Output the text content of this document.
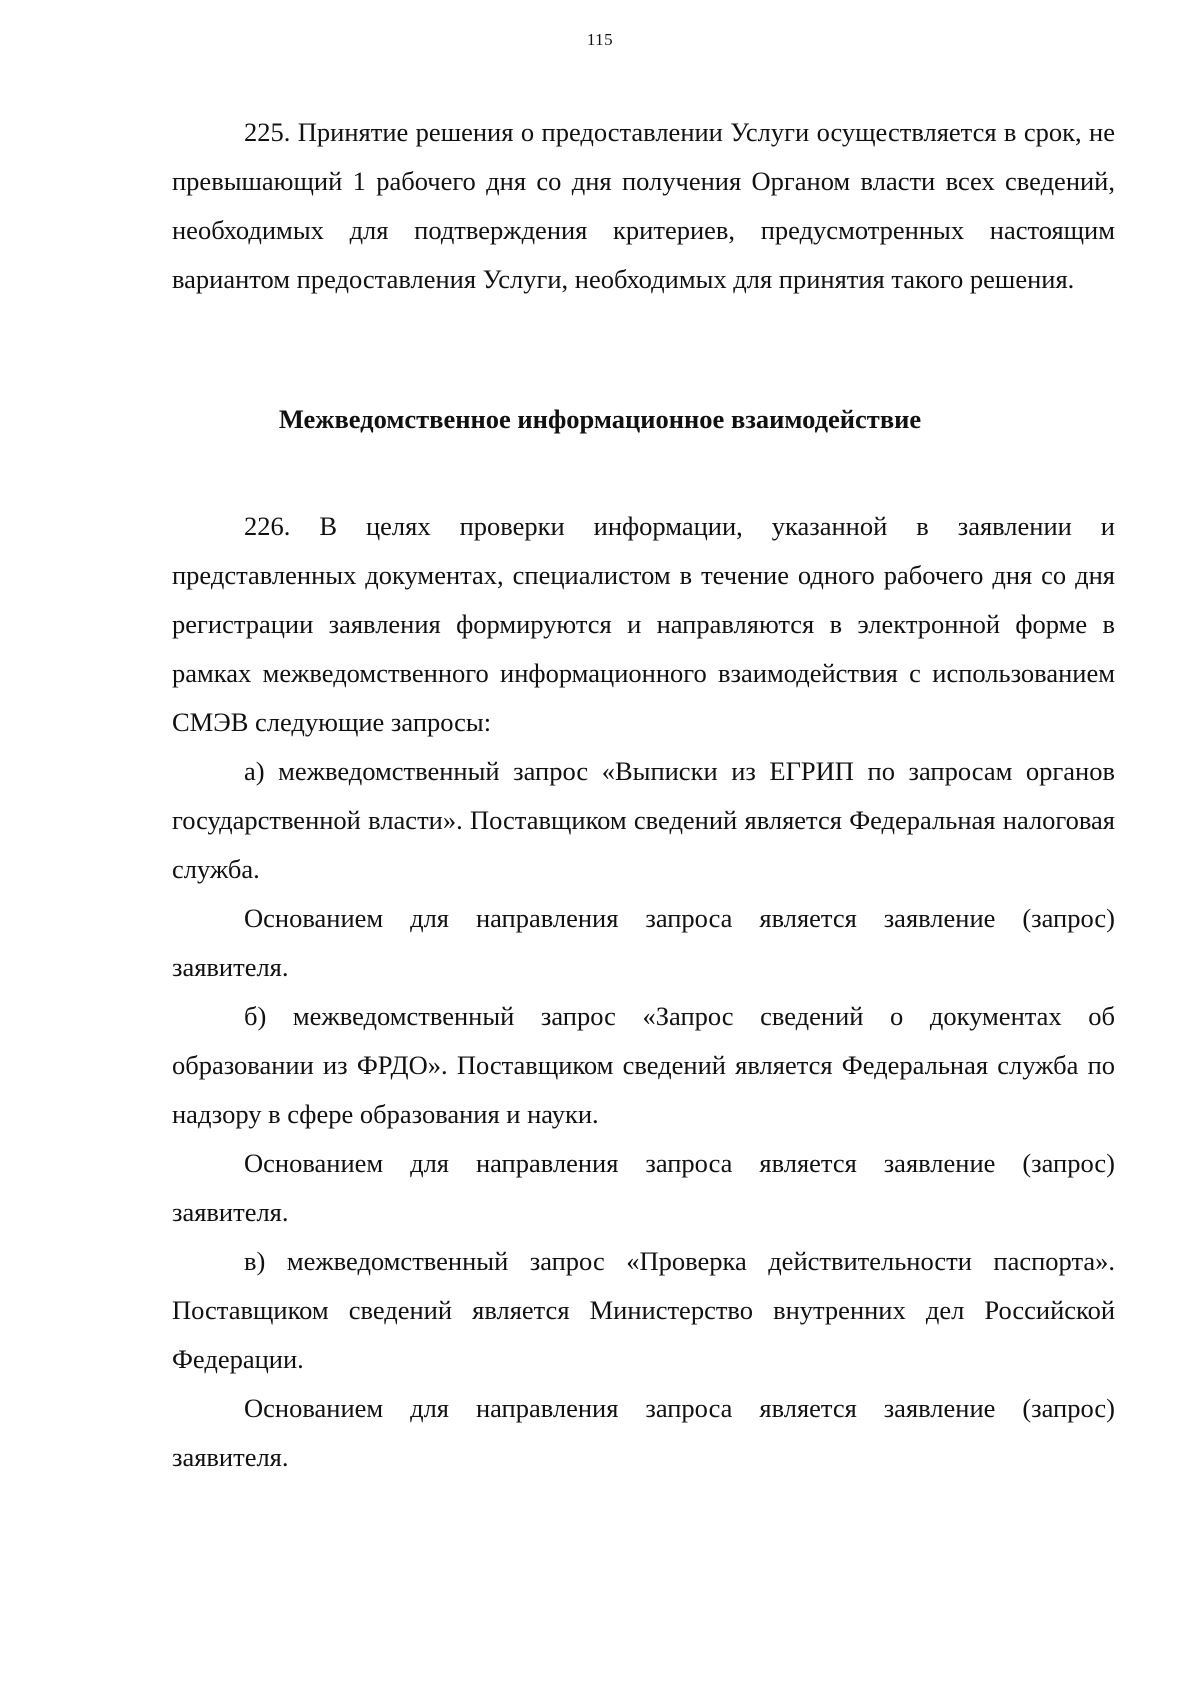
115

225. Принятие решения о предоставлении Услуги осуществляется в срок, не превышающий 1 рабочего дня со дня получения Органом власти всех сведений, необходимых для подтверждения критериев, предусмотренных настоящим вариантом предоставления Услуги, необходимых для принятия такого решения.

Межведомственное информационное взаимодействие

226. В целях проверки информации, указанной в заявлении и представленных документах, специалистом в течение одного рабочего дня со дня регистрации заявления формируются и направляются в электронной форме в рамках межведомственного информационного взаимодействия с использованием СМЭВ следующие запросы:

а) межведомственный запрос «Выписки из ЕГРИП по запросам органов государственной власти». Поставщиком сведений является Федеральная налоговая служба.

Основанием для направления запроса является заявление (запрос) заявителя.

б) межведомственный запрос «Запрос сведений о документах об образовании из ФРДО». Поставщиком сведений является Федеральная служба по надзору в сфере образования и науки.

Основанием для направления запроса является заявление (запрос) заявителя.

в) межведомственный запрос «Проверка действительности паспорта». Поставщиком сведений является Министерство внутренних дел Российской Федерации.

Основанием для направления запроса является заявление (запрос) заявителя.
